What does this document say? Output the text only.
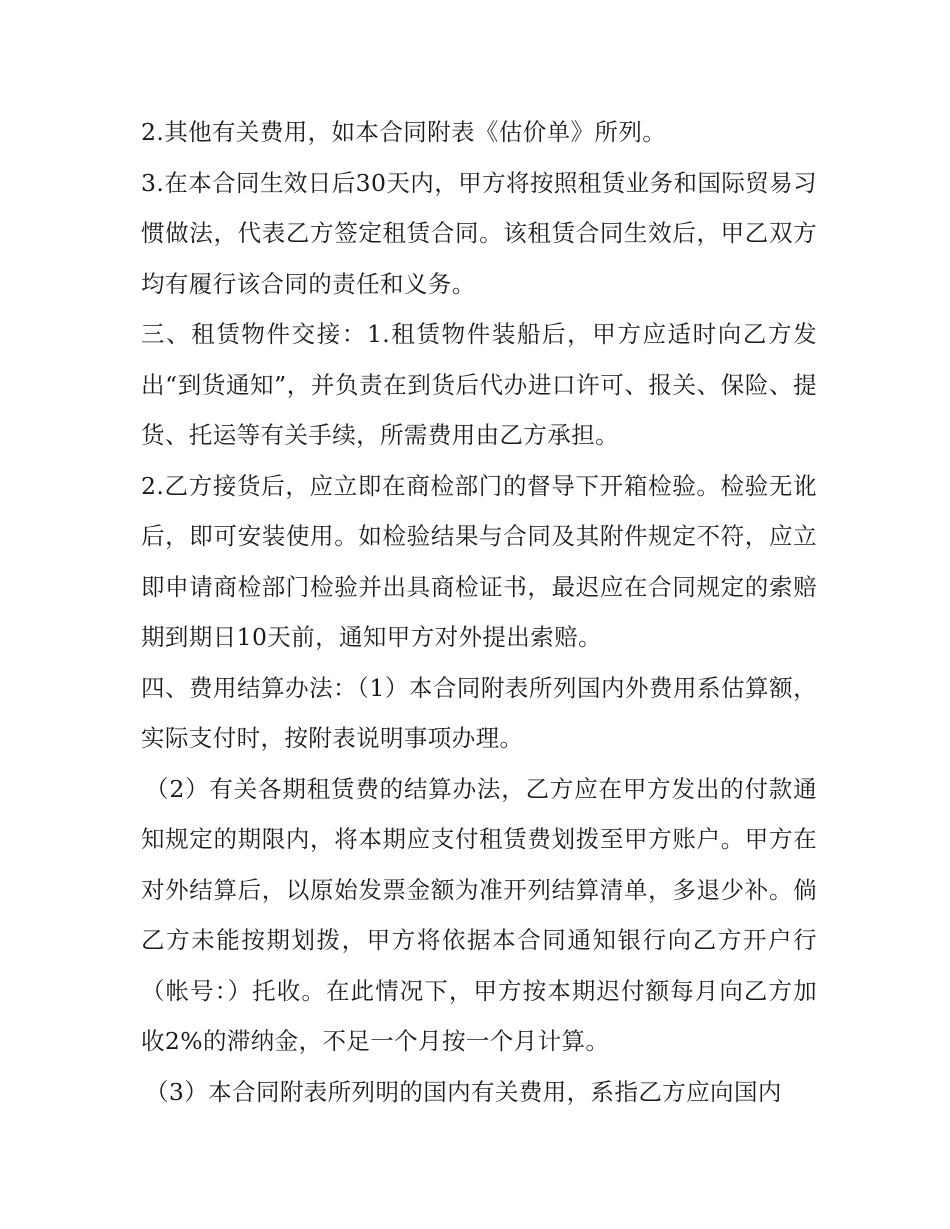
2.其他有关费用，如本合同附表《估价单》所列。

3.在本合同生效日后30天内，甲方将按照租赁业务和国际贸易习惯做法，代表乙方签定租赁合同。该租赁合同生效后，甲乙双方均有履行该合同的责任和义务。

三、租赁物件交接：1.租赁物件装船后，甲方应适时向乙方发出“到货通知”，并负责在到货后代办进口许可、报关、保险、提货、托运等有关手续，所需费用由乙方承担。

2.乙方接货后，应立即在商检部门的督导下开箱检验。检验无讹后，即可安装使用。如检验结果与合同及其附件规定不符，应立即申请商检部门检验并出具商检证书，最迟应在合同规定的索赔期到期日10天前，通知甲方对外提出索赔。

四、费用结算办法：（1）本合同附表所列国内外费用系估算额，实际支付时，按附表说明事项办理。

（2）有关各期租赁费的结算办法，乙方应在甲方发出的付款通知规定的期限内，将本期应支付租赁费划拨至甲方账户。甲方在对外结算后，以原始发票金额为准开列结算清单，多退少补。倘乙方未能按期划拨，甲方将依据本合同通知银行向乙方开户行（帐号：）托收。在此情况下，甲方按本期迟付额每月向乙方加收2%的滞纳金，不足一个月按一个月计算。

（3）本合同附表所列明的国内有关费用，系指乙方应向国内
